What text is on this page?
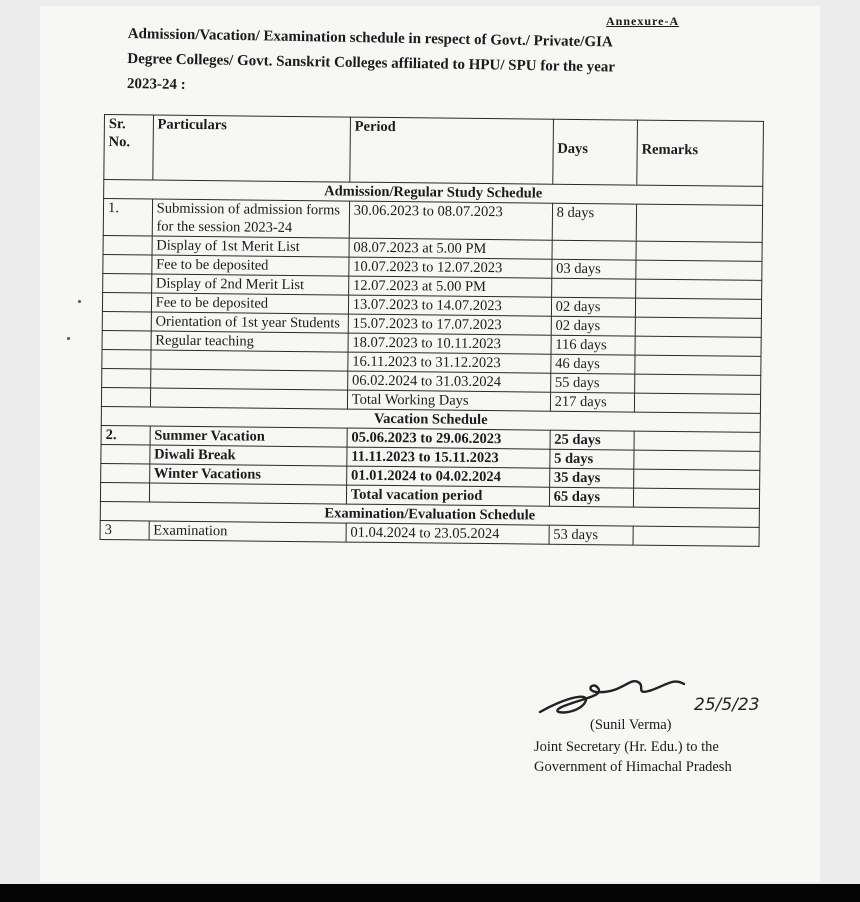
Annexure-A
Admission/Vacation/ Examination schedule in respect of Govt./ Private/GIA
Degree Colleges/ Govt. Sanskrit Colleges affiliated to HPU/ SPU for the year
2023-24 :
Sr. No.	Particulars	Period	Days	Remarks
Admission/Regular Study Schedule				
1.	Submission of admission forms for the session 2023-24	30.06.2023 to 08.07.2023	8 days	
	Display of 1st Merit List	08.07.2023 at 5.00 PM		
	Fee to be deposited	10.07.2023 to 12.07.2023	03 days	
	Display of 2nd Merit List	12.07.2023 at 5.00 PM		
	Fee to be deposited	13.07.2023 to 14.07.2023	02 days	
	Orientation of 1st year Students	15.07.2023 to 17.07.2023	02 days	
	Regular teaching	18.07.2023 to 10.11.2023	116 days	
		16.11.2023 to 31.12.2023	46 days	
		06.02.2024 to 31.03.2024	55 days	
		Total Working Days	217 days	
Vacation Schedule				
2.	Summer Vacation	05.06.2023 to 29.06.2023	25 days	
	Diwali Break	11.11.2023 to 15.11.2023	5 days	
	Winter Vacations	01.01.2024 to 04.02.2024	35 days	
		Total vacation period	65 days	
Examination/Evaluation Schedule				
3	Examination	01.04.2024 to 23.05.2024	53 days	
25/5/23
(Sunil Verma)
Joint Secretary (Hr. Edu.) to the
Government of Himachal Pradesh
